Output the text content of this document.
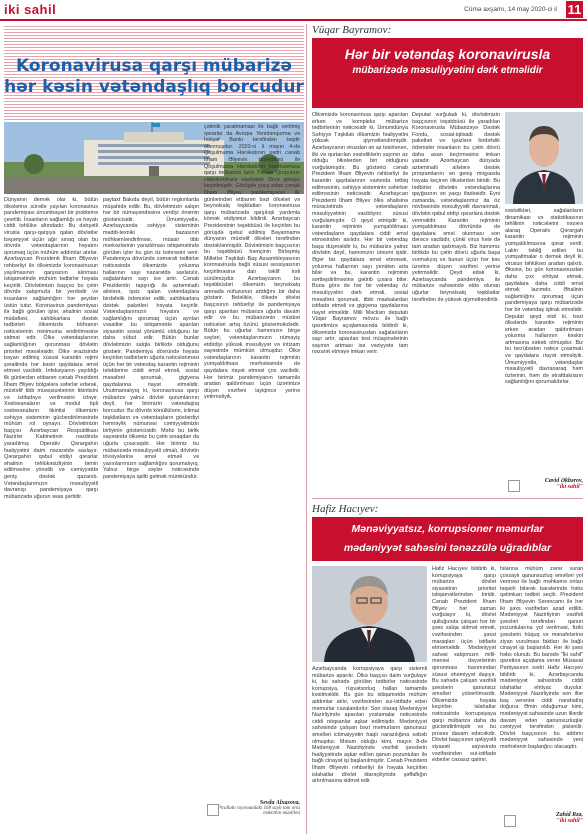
iki sahil	Cümə axşamı, 14 may 2020-ci il 11
Koronavirusa qarşı mübarizə
hər kəsin vətəndaşlıq borcudur
Dünyanın demək olar ki, bütün ölkələrinə sürətlə yayılan koronavirus pandemiyası ümumbəşəri bir problemə çevrilib. İnsanların sağlamlığı və həyatı ciddi təhlükə altındadır. Bu dəhşətli virusla qarşı-qarşıya qalan dövlətlər bəşəriyyət üçün ağır sınaq olan bu dövrdə vətəndaşlarının həyatını qorumaq üçün mühüm addımlar atırlar. Azərbaycan Prezidenti İlham Əliyevin rəhbərliyi ilə ölkəmizdə koronavirusun yayılmasının qarşısının alınması istiqamətində mühüm tədbirlər həyata keçirilir. Dövlətimizin başçısı bu çətin dövrdə xalqımızla bir yerdədir və insanların sağlamlığını hər şeydən üstün tutur. Koronavirus pandemiyası ilə bağlı görülən işlər, əhalinin sosial müdafiəsi, sahibkarlara dəstək tədbirləri ölkəmizdə böhranın nəticələrinin minimuma endirilməsinə xidmət edir. Ölkə vətəndaşlarının sağlamlığının qorunması dövlətin prioritet məsələsidir. Ölkə ərazisində bəyan edilmiş xüsusi karantin rejimi şəraitində hər kəsin qaydalara əməl etməsi vacibdir. İnfeksiyanın yayıldığı ilk günlərdən etibarən cənab Prezident İlham Əliyev bölgələrə səfərlər edərək, müxtəlif tibb müəssisələrinin tikintisini və istifadəyə verilməsini izləyir. Xəstəxanaların və modul tipli xəstəxanaların tikintisi ölkəmizin səhiyyə sisteminin gücləndirilməsində mühüm rol oynayır. Dövlətimizin başçısı Azərbaycan Respublikası Nazirlər Kabinetinin nəzdində yaradılmış Operativ Qərargahın fəaliyyətini daim nəzarətdə saxlayır. Qərargahın qəbul etdiyi qərarlar əhalinin təhlükəsizliyinin təmin edilməsinə yönəlib və cəmiyyətdə geniş dəstək qazanıb. Vətəndaşlarımızın məsuliyyətli davranışı pandemiyaya qarşı mübarizədə uğurun əsas şərtidir.
paytaxt Bakıda deyil, bütün regionlarda müşahidə edilir. Bu, dövlətimizin xalqın hər bir nümayəndəsinə verdiyi önəmin göstəricisidir. Ümumiyyətlə, Azərbaycanda səhiyyə sisteminin maddi-texniki bazasının möhkəmləndirilməsi, müasir tibb mərkəzlərinin yaradılması istiqamətində görülən işlər bu gün öz bəhrəsini verir. Pandemiya dövründə səmərəli tədbirlər nəticəsində ölkəmizdə yoluxma hallarının sayı nəzarətdə saxlanılır, sağalanların sayı isə artır. Cənab Prezidentin tapşırığı ilə aztəminatlı ailələrə, işsiz qalan vətəndaşlara birdəfəlik ödəmələr edilir, sahibkarlara dəstək paketləri həyata keçirilir. Vətəndaşlarımızın həyatını və sağlamlığını qorumaq üçün ayrılan vəsaitlər bu istiqamətdə aparılan siyasətin sosial yönümlü olduğunu bir daha sübut edir. Bütün bunlar dövlətimizin xalqla birlikdə olduğunu göstərir. Pandemiya dövründə həyata keçirilən tədbirlərin uğurla nəticələnməsi üçün hər bir vətəndaş karantin rejiminin tələblərinə ciddi əməl etməli, sosial məsafəni qorumalı, gigiyena qaydalarına riayət etməlidir. Unutmamalıyıq ki, koronavirusa qarşı mübarizə yalnız dövlət qurumlarının deyil, hər birimizin vətəndaşlıq borcudur. Bu dövrdə könüllülərin, ictimai təşkilatların və vətəndaşların göstərdiyi həmrəylik nümunəsi cəmiyyətimizin birliyinin göstəricisidir. Məhz bu birlik sayəsində ölkəmiz bu çətin sınaqdan da uğurla çıxacaqdır. Hər birimiz bu mübarizədə məsuliyyətli olmalı, dövlətin tövsiyələrinə əməl etməli və yaxınlarımızın sağlamlığını qorumalıyıq. Yalnız birgə səylər nəticəsində pandemiyaya qalib gəlmək mümkündür.
çətinlik yaratmaması ilə bağlı verilmiş qərarlar da Avropa Yenidənqurma və İnkişaf Bankı tərəfindən təqdir olunmuşdur. 2020-ci il mayın 4-də Qoşulmama Hərəkatının sədri cənab İlham Əliyevin təşəbbüsü ilə Qoşulmama Hərəkatının koronavirusa qarşı mübarizə üzrə Təmas Qrupunun videokonfrans vasitəsilə Zirvə görüşü keçirilmişdir. Görüşdə çıxış edən cənab İlham Əliyev pandemiyanın ilk günlərindən etibarən bəzi ölkələri və beynəlxalq təşkilatları koronavirusa qarşı mübarizədə qarşılıqlı yardımla kömək etdiyimizi bildirdi. Azərbaycan Prezidentinin təşəbbüsü ilə keçirilən bu görüşdə qəbul edilmiş Bəyannamə dünyanın müxtəlif ölkələri tərəfindən dəstəklənmişdir. Dövlətimizin başçısının bu təşəbbüsü həmçinin Birləşmiş Millətlər Təşkilatı Baş Assambleyasının koronavirusla bağlı xüsusi sessiyasının keçirilməsinə dair təklif irəli sürülmüşdür. Azərbaycanın bu təşəbbüsləri ölkəmizin beynəlxalq arenada nüfuzunun artdığını bir daha göstərir. Beləliklə, ölkədə dövlət başçısının rəhbərliyi ilə pandemiyaya qarşı aparılan mübarizə uğurla davam edir və bu mübarizənin müsbət nəticələri artıq özünü göstərməkdədir. Bütün bu uğurlar hamımızın birgə səyləri, vətəndaşlarımızın nümayiş etdirdiyi yüksək məsuliyyət və intizam sayəsində mümkün olmuşdur. Ölkə vətəndaşlarının karantin rejiminin yumşaldılması mərhələsində də qaydalara riayət etməsi çox vacibdir. Hər birimiz pandemiyanın tamamilə aradan qaldırılması üçün üzərimizə düşən vəzifəni layiqincə yerinə yetirməliyik.
Sevda Alxasova,
Pirallahı rayonundakı 168 saylı tam orta məktəbin müəllimi
Vüqar Bayramov:
Hər bir vətəndaş koronavirusla
mübarizədə məsuliyyətini dərk etməlidir
Ölkəmizdə koronavirusa qarşı aparılan erkən və kompleks mübarizə tədbirlərinin nəticəsidir ki, Ümumdünya Səhiyyə Təşkilatı ölkəmizin fəaliyyətini yüksək qiymətləndirmişdir. Azərbaycanın virusdan ən az təsirlənən, ilki və qurtarılan xəstəliklərin sayının az olduğu ölkələrdən biri olduğunu vurğulamışdır. Bu göstərici cənab Prezident İlham Əliyevin rəhbərliyi ilə karantin qaydalarının vaxtında tətbiq edilməsinin, səhiyyə sisteminin səfərbər edilməsinin nəticəsidir. Azərbaycan Prezidenti İlham Əliyev ölkə əhalisinə müraciətində vətəndaşların məsuliyyətinin vacibliyini xüsusi vurğulamışdır. O qeyd etmişdir ki, karantin rejiminin yumşaldılması vətəndaşların qaydalara ciddi əməl etməsindən asılıdır. Hər bir vətəndaş başa düşməlidir ki, bu mübarizə yalnız dövlətin deyil, hamımızın ümumi işidir. Əgər biz qaydalara əməl etməsək, yoluxma hallarının sayı yenidən arta bilər və bu, karantin rejiminin sərtləşdirilməsinə gətirib çıxara bilər. Buna görə də hər bir vətəndaş öz məsuliyyətini dərk etməli, sosial məsafəni qorumalı, tibbi maskalardan istifadə etməli və gigiyena qaydalarına riayət etməlidir. Milli Məclisin deputatı Vüqar Bayramov mövzu ilə bağlı qəzetimizə açıqlamasında bildirdi ki, ölkəmizdə koronavirusdan sağalanların sayı artır, aparılan test müayinələrinin sayının artması isə vəziyyətə tam nəzarət etməyə imkan verir.
Deputat vurğuladı ki, dövlətimizin başçısının təşəbbüsü ilə yaradılan Koronavirusla Mübarizəyə Dəstək Fondu, sosial-iqtisadi dəstək paketləri və işsizlərə birdəfəlik ödəmələr insanların bu çətin dövrü daha asan keçirməsinə imkan yaradır. Azərbaycan dünyada aztəminatlı ailələrə dəstək proqramlarını ən geniş miqyasda həyata keçirən ölkələrdən biridir. Bu tədbirlər dövlətin vətəndaşlarına qayğısının ən yaxşı ifadəsidir. Eyni zamanda, vətəndaşlarımız da öz növbəsində məsuliyyətli davranmalı, dövlətin qəbul etdiyi qərarlara dəstək verməlidir. Karantin rejiminin yumşaldılması dövründə də qaydalara əməl olunması son dərəcə vacibdir, çünki virus hələ də tam aradan qalxmayıb. Biz hamımız birlikdə bu çətin dövrü uğurla başa vurmalıyıq və bunun üçün hər kəs üzərinə düşən vəzifəni yerinə yetirməlidir. Qeyd edək ki, Azərbaycanda pandemiya ilə mübarizə sahəsində əldə olunan uğurlar beynəlxalq təşkilatlar tərəfindən də yüksək qiymətləndirilir.
xəstəlikləri, sağalanların dinamikası və statistikasının təhlilinin nəticələrini nəzərə alaraq Operativ Qərargah karantin rejiminin yumşaldılmasına qərar verdi. Lakin təbliğ edilən bu yumşaltmalar o demək deyil ki, virusun təhlükəsi aradan qalxıb. Əksinə, bu gün koronavirusdan daha çox ehtiyat etmək, qaydalara daha ciddi əməl etmək lazımdır. Əhalinin sağlamlığını qorumaq üçün pandemiyaya qarşı mübarizədə hər bir vətəndaş iştirak etməlidir. Deputat qeyd etdi ki, bəzi ölkələrdə karantin rejiminin erkən aradan qaldırılması yoluxma hallarının kəskin artmasına səbəb olmuşdur. Biz bu təcrübədən nəticə çıxarmalı və qaydalara riayət etməliyik. Ümumiyyətlə, vətəndaşlar məsuliyyətli davranaraq həm özlərinin, həm də ətrafdakıların sağlamlığını qorumalıdırlar.
Cavid Əkbərov,
"iki sahil"
Hafiz Hacıyev:
Mənəviyyatsız, korrupsioner məmurlar
mədəniyyət sahəsini tənəzzülə uğradıblar
Azərbaycanda korrupsiyaya qarşı sistemli mübarizə aparılır. Ölkə başçısı daim vurğulayır ki, bu sahədə görülən tədbirlər nəticəsində korrupsiya, rüşvətxorluq halları tamamilə kəsilməlidir. Bu gün bu istiqamətdə mühüm addımlar atılır, vəzifəsindən sui-istifadə edən məmurlar cəzalandırılır. Son olaraq Mədəniyyət Nazirliyində aparılan yoxlamalar nəticəsində ciddi nöqsanlar aşkar edilmişdir. Mədəniyyət sahəsində çalışan bəzi məmurların qanunsuz əməlləri ictimaiyyətin haqlı narazılığına səbəb olmuşdur. Məlum olduğu kimi, mayın 8-də Mədəniyyət Nazirliyində vəzifəli şəxslərin fəaliyyətində aşkar edilən qanun pozuntuları ilə bağlı cinayət işi başlanılmışdır. Cənab Prezident İlham Əliyevin rəhbərliyi ilə həyata keçirilən islahatlar dövlət idarəçiliyində şəffaflığın artırılmasına xidmət edir.
Hafiz Hacıyev bildirib ki, korrupsiyaya qarşı mübarizə dövlət siyasətinin prioritet istiqamətlərindən biridir. Cənab Prezident İlham Əliyev hər zaman vurğulayır ki, dövlət qulluğunda çalışan hər bir şəxs xalqa xidmət etməli, vəzifəsindən şəxsi maraqları üçün istifadə etməməlidir. Mədəniyyət sahəsi xalqımızın milli-mənəvi dəyərlərinin qorunması baxımından xüsusi əhəmiyyət daşıyır. Bu sahədə çalışan vəzifəli şəxslərin qanunsuz əməlləri yolverilməzdir. Ölkəmizdə həyata keçirilən islahatlar nəticəsində korrupsiyaya qarşı mübarizə daha da gücləndirilmişdir və bu proses davam edəcəkdir. Dövlət başçısının qətiyyətli siyasəti sayəsində vəzifəsindən sui-istifadə edənlər cəzasız qalmır.
fəlarına mühüm zərər vuran çoxsaylı qanunsuzluq əməlləri yol verməsi ilə bağlı məhkəmə onları təqsirli bilərək barələrində həbs qətimkan tədbiri seçib. Prezident İlham Əliyevin Sərəncamı ilə hər iki şəxs vəzifədən azad edilib. Mədəniyyət Nazirliyinin vəzifəli şəxsləri tərəfindən qanun pozuntularına yol verilməsi, fiziki şəxslərin hüquq və mənafelərinə ziyan vurulması faktları ilə bağlı cinayət işi başlanılıb. Hər iki şəxs həbs olunub. Bu barədə "İki sahil" qəzetinə açıqlama verən Müsavat Partiyasının sədri Hafiz Hacıyev bildirib ki, Azərbaycanda mədəniyyət sahəsində ciddi islahatlar ehtiyac duyulur. Mədəniyyət Nazirliyində son illər baş verənlər ciddi narahatlıq doğurur. Əmin olduğumuz kimi, mədəniyyət sahəsində uzun illərdir davam edən qanunsuzluqlar cəmiyyət tərəfindən pislənilir. Dövlət başçısının bu addımı mədəniyyət sahəsində yeni mərhələnin başlanğıcı olacaqdır.
Zahid Rza,
"iki sahil"
